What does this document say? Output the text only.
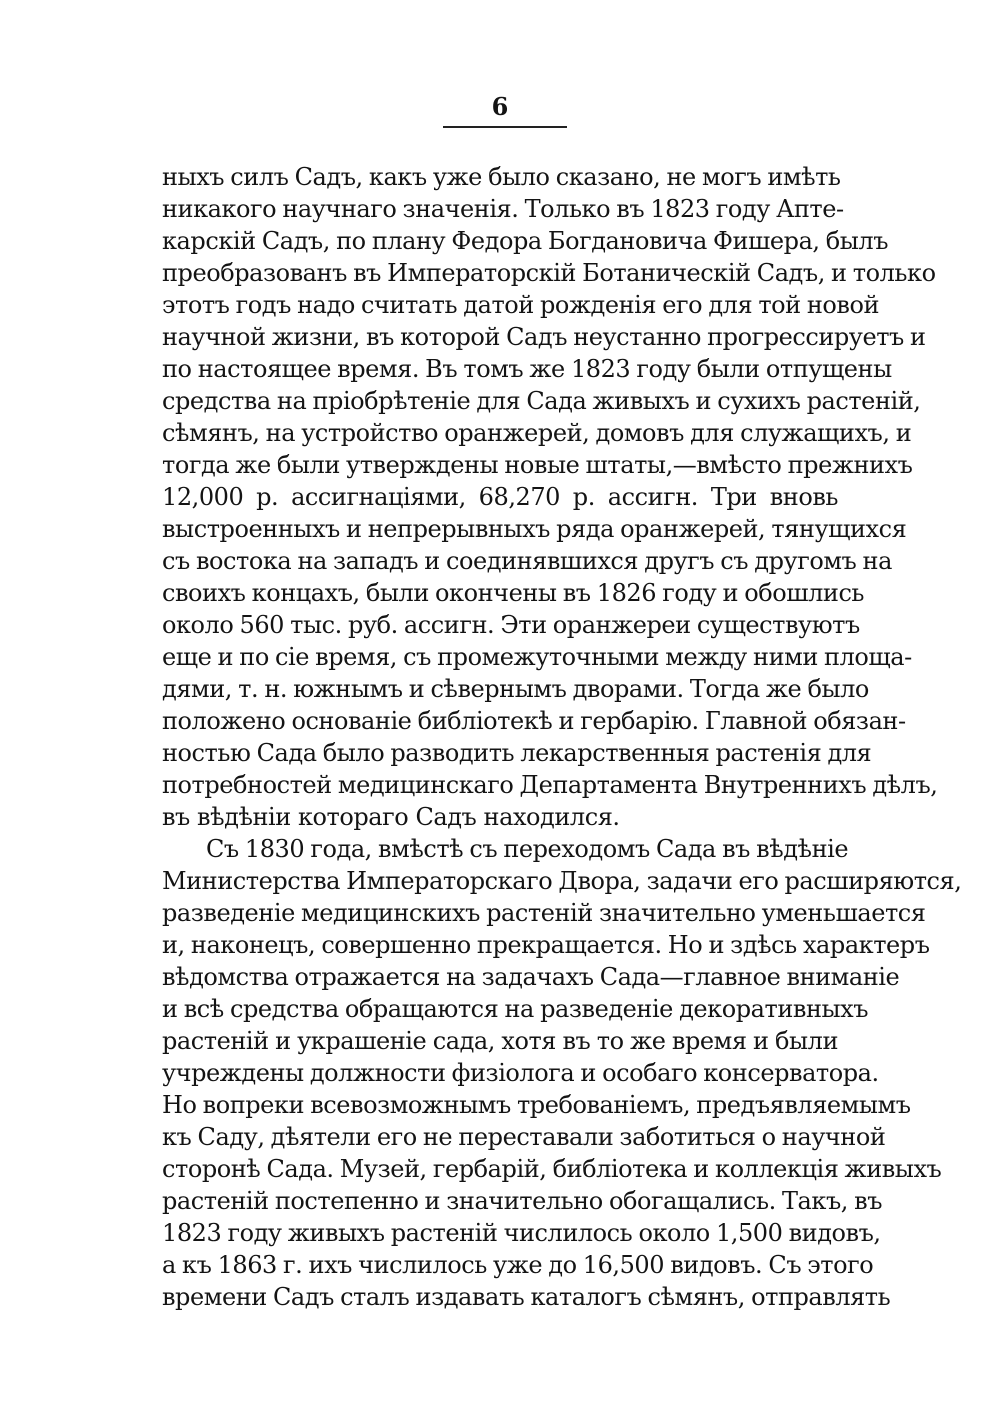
6
ныхъ силъ Садъ, какъ уже было сказано, не могъ имѣть
никакого научнаго значенія. Только въ 1823 году Апте-
карскій Садъ, по плану Федора Богдановича Фишера, былъ
преобразованъ въ Императорскій Ботаническій Садъ, и только
этотъ годъ надо считать датой рожденія его для той новой
научной жизни, въ которой Садъ неустанно прогрессируетъ и
по настоящее время. Въ томъ же 1823 году были отпущены
средства на пріобрѣтеніе для Сада живыхъ и сухихъ растеній,
сѣмянъ, на устройство оранжерей, домовъ для служащихъ, и
тогда же были утверждены новые штаты,—вмѣсто прежнихъ
12,000 р. ассигнаціями, 68,270 р. ассигн. Три вновь
выстроенныхъ и непрерывныхъ ряда оранжерей, тянущихся
съ востока на западъ и соединявшихся другъ съ другомъ на
своихъ концахъ, были окончены въ 1826 году и обошлись
около 560 тыс. руб. ассигн. Эти оранжереи существуютъ
еще и по сіе время, съ промежуточными между ними площа-
дями, т. н. южнымъ и сѣвернымъ дворами. Тогда же было
положено основаніе библіотекѣ и гербарію. Главной обязан-
ностью Сада было разводить лекарственныя растенія для
потребностей медицинскаго Департамента Внутреннихъ дѣлъ,
въ вѣдѣніи котораго Садъ находился.
Съ 1830 года, вмѣстѣ съ переходомъ Сада въ вѣдѣніе
Министерства Императорскаго Двора, задачи его расширяются,
разведеніе медицинскихъ растеній значительно уменьшается
и, наконецъ, совершенно прекращается. Но и здѣсь характеръ
вѣдомства отражается на задачахъ Сада—главное вниманіе
и всѣ средства обращаются на разведеніе декоративныхъ
растеній и украшеніе сада, хотя въ то же время и были
учреждены должности физіолога и особаго консерватора.
Но вопреки всевозможнымъ требованіемъ, предъявляемымъ
къ Саду, дѣятели его не переставали заботиться о научной
сторонѣ Сада. Музей, гербарій, библіотека и коллекція живыхъ
растеній постепенно и значительно обогащались. Такъ, въ
1823 году живыхъ растеній числилось около 1,500 видовъ,
а къ 1863 г. ихъ числилось уже до 16,500 видовъ. Съ этого
времени Садъ сталъ издавать каталогъ сѣмянъ, отправлять
